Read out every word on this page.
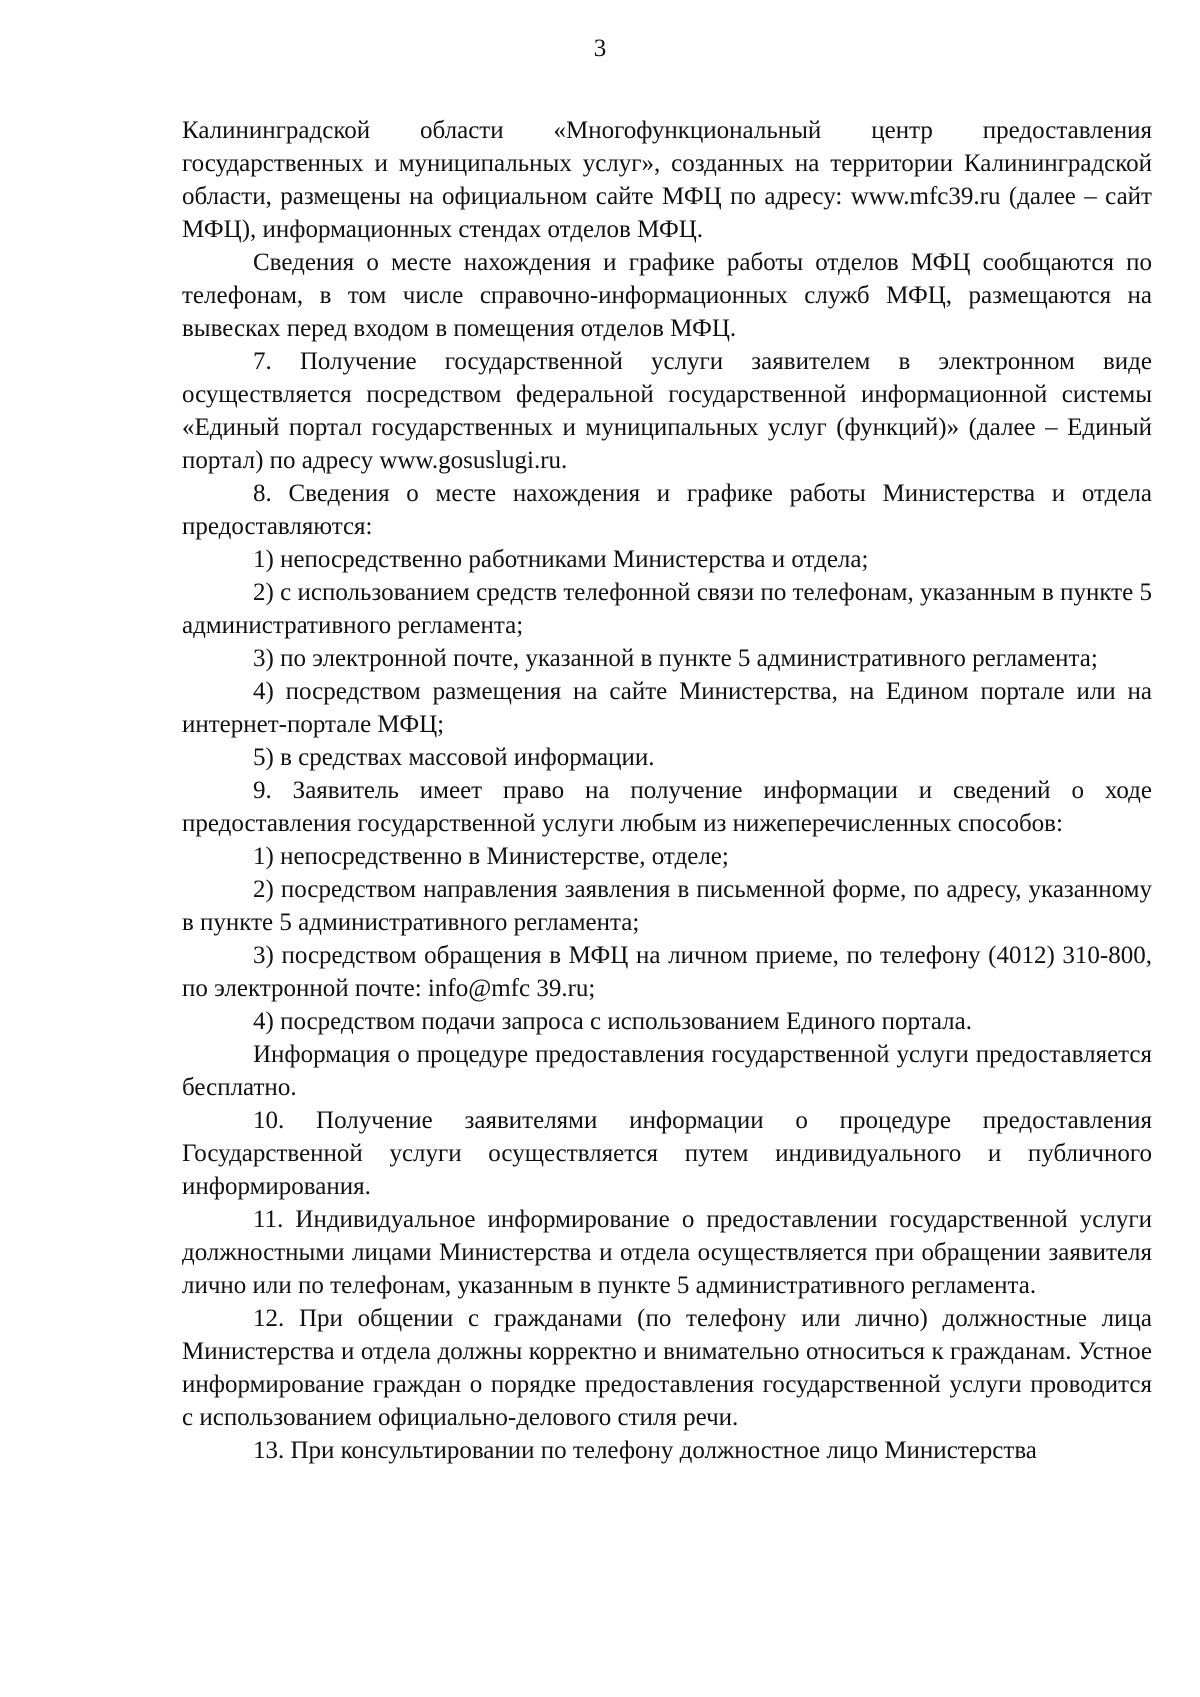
3

Калининградской области «Многофункциональный центр предоставления государственных и муниципальных услуг», созданных на территории Калининградской области, размещены на официальном сайте МФЦ по адресу: www.mfc39.ru (далее – сайт МФЦ), информационных стендах отделов МФЦ.

Сведения о месте нахождения и графике работы отделов МФЦ сообщаются по телефонам, в том числе справочно-информационных служб МФЦ, размещаются на вывесках перед входом в помещения отделов МФЦ.

7. Получение государственной услуги заявителем в электронном виде осуществляется посредством федеральной государственной информационной системы «Единый портал государственных и муниципальных услуг (функций)» (далее – Единый портал) по адресу www.gosuslugi.ru.

8. Сведения о месте нахождения и графике работы Министерства и отдела предоставляются:

1) непосредственно работниками Министерства и отдела;

2) с использованием средств телефонной связи по телефонам, указанным в пункте 5 административного регламента;

3) по электронной почте, указанной в пункте 5 административного регламента;

4) посредством размещения на сайте Министерства, на Едином портале или на интернет-портале МФЦ;

5) в средствах массовой информации.

9. Заявитель имеет право на получение информации и сведений о ходе предоставления государственной услуги любым из нижеперечисленных способов:

1) непосредственно в Министерстве, отделе;

2) посредством направления заявления в письменной форме, по адресу, указанному в пункте 5 административного регламента;

3) посредством обращения в МФЦ на личном приеме, по телефону (4012) 310-800, по электронной почте: info@mfc 39.ru;

4) посредством подачи запроса с использованием Единого портала.

Информация о процедуре предоставления государственной услуги предоставляется бесплатно.

10. Получение заявителями информации о процедуре предоставления Государственной услуги осуществляется путем индивидуального и публичного информирования.

11. Индивидуальное информирование о предоставлении государственной услуги должностными лицами Министерства и отдела осуществляется при обращении заявителя лично или по телефонам, указанным в пункте 5 административного регламента.

12. При общении с гражданами (по телефону или лично) должностные лица Министерства и отдела должны корректно и внимательно относиться к гражданам. Устное информирование граждан о порядке предоставления государственной услуги проводится с использованием официально-делового стиля речи.

13. При консультировании по телефону должностное лицо Министерства
